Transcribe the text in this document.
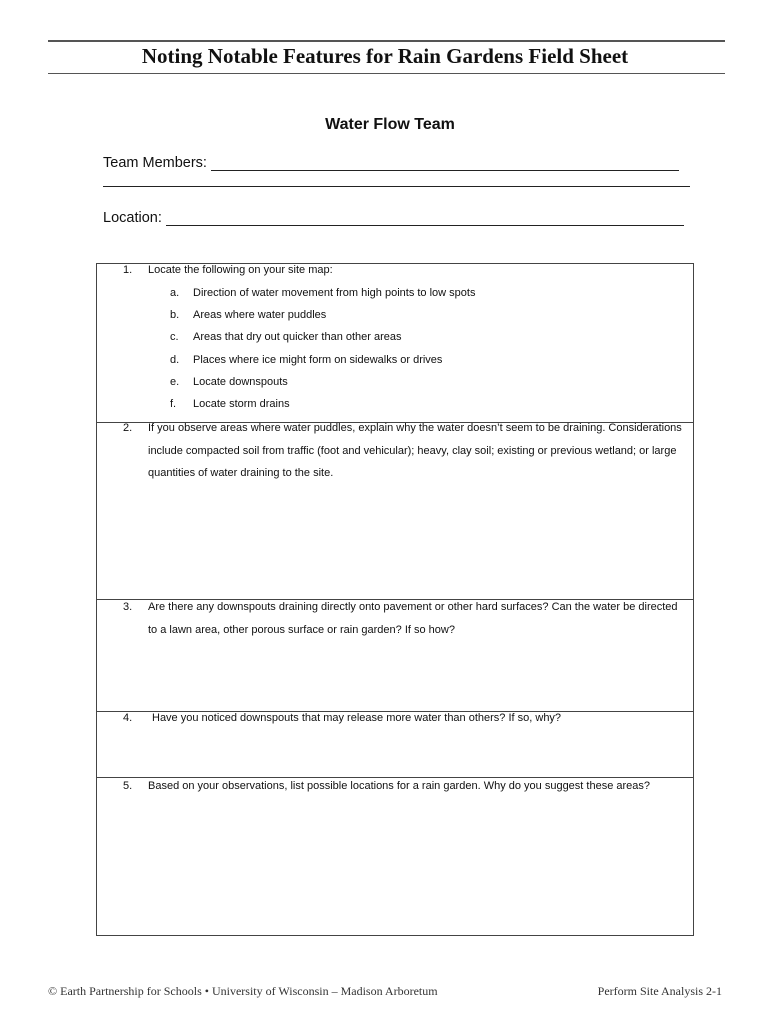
Noting Notable Features for Rain Gardens Field Sheet
Water Flow Team
Team Members:
Location:
1. Locate the following on your site map:
a. Direction of water movement from high points to low spots
b. Areas where water puddles
c. Areas that dry out quicker than other areas
d. Places where ice might form on sidewalks or drives
e. Locate downspouts
f. Locate storm drains
2. If you observe areas where water puddles, explain why the water doesn’t seem to be draining. Considerations include compacted soil from traffic (foot and vehicular); heavy, clay soil; existing or previous wetland; or large quantities of water draining to the site.
3. Are there any downspouts draining directly onto pavement or other hard surfaces? Can the water be directed to a lawn area, other porous surface or rain garden? If so how?
4. Have you noticed downspouts that may release more water than others? If so, why?
5. Based on your observations, list possible locations for a rain garden. Why do you suggest these areas?
© Earth Partnership for Schools • University of Wisconsin – Madison Arboretum	Perform Site Analysis 2-1
